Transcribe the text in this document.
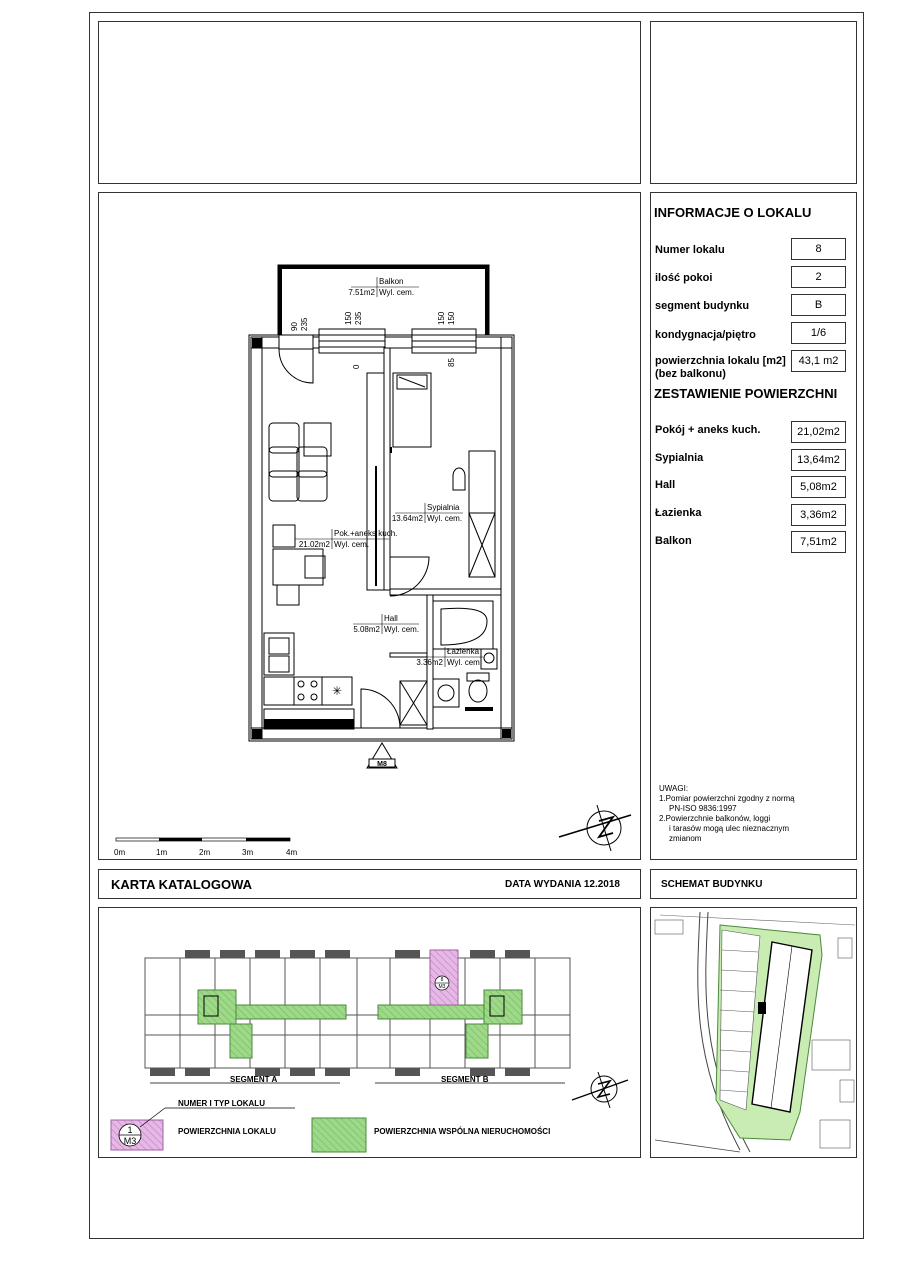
✳
90 235	150 235
0
150 150
85
Balkon
7.51m2 Wyl. cem.
Pok.+aneks kuch.
21.02m2 Wyl. cem.
Sypialnia
13.64m2 Wyl. cem.
Hall
5.08m2 Wyl. cem.
Łazienka
3.36m2 Wyl. cem.
M8
0m	1m	2m	3m	4m
INFORMACJE O LOKALU
Numer lokalu	8
ilość pokoi	2
segment budynku	B
kondygnacja/piętro	1/6
powierzchnia lokalu [m2]
(bez balkonu)
43,1 m2
ZESTAWIENIE POWIERZCHNI
Pokój + aneks kuch.	21,02m2
Sypialnia	13,64m2
Hall	5,08m2
Łazienka	3,36m2
Balkon	7,51m2
UWAGI:
1.Pomiar powierzchni zgodny z normą
PN-ISO 9836:1997
2.Powierzchnie balkonów, loggi
i tarasów mogą ulec nieznacznym
zmianom
KARTA KATALOGOWA	DATA WYDANIA 12.2018	SCHEMAT BUDYNKU
8
M3
SEGMENT A	SEGMENT B
1
M3
NUMER I TYP LOKALU
POWIERZCHNIA LOKALU	POWIERZCHNIA WSPÓLNA NIERUCHOMOŚCI
